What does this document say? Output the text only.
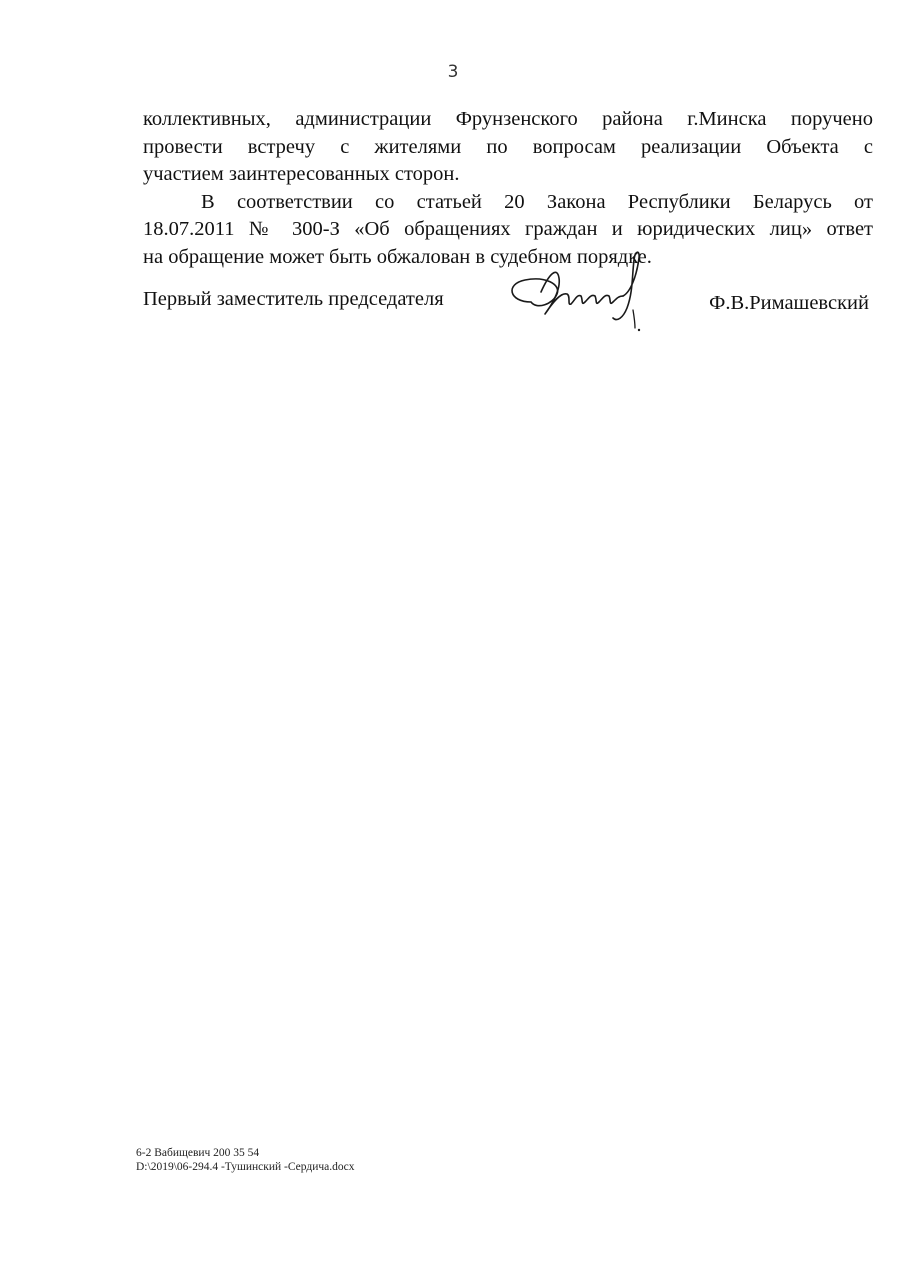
3

коллективных, администрации Фрунзенского района г.Минска поручено
провести встречу с жителями по вопросам реализации Объекта с
участием заинтересованных сторон.

В соответствии со статьей 20 Закона Республики Беларусь от
18.07.2011 № 300-З «Об обращениях граждан и юридических лиц» ответ
на обращение может быть обжалован в судебном порядке.

Первый заместитель председателя	Ф.В.Римашевский
6-2 Вабищевич 200 35 54
D:\2019\06-294.4 -Тушинский -Сердича.docx
